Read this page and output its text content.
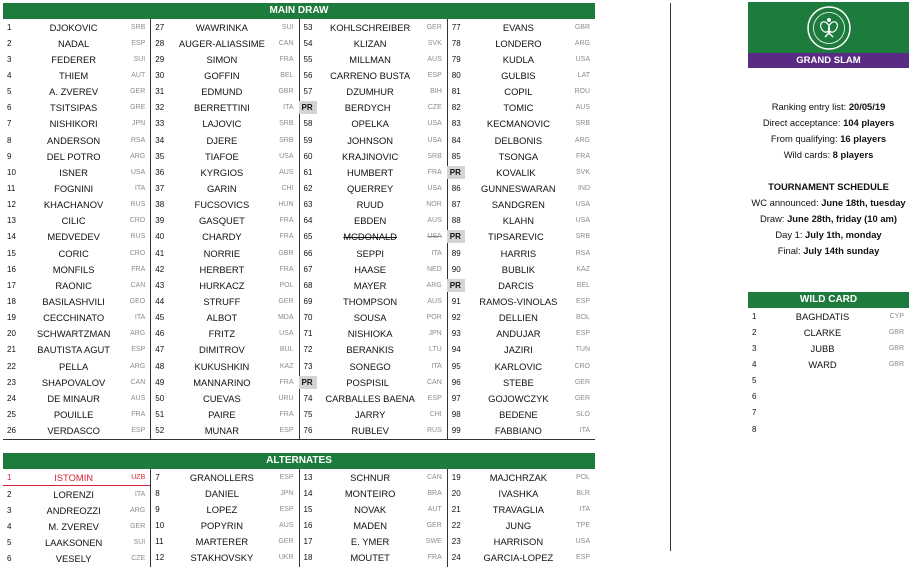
MAIN DRAW
1	DJOKOVIC	SRB
2	NADAL	ESP
3	FEDERER	SUI
4	THIEM	AUT
5	A. ZVEREV	GER
6	TSITSIPAS	GRE
7	NISHIKORI	JPN
8	ANDERSON	RSA
9	DEL POTRO	ARG
10	ISNER	USA
11	FOGNINI	ITA
12	KHACHANOV	RUS
13	CILIC	CRO
14	MEDVEDEV	RUS
15	CORIC	CRO
16	MONFILS	FRA
17	RAONIC	CAN
18	BASILASHVILI	GEO
19	CECCHINATO	ITA
20	SCHWARTZMAN	ARG
21	BAUTISTA AGUT	ESP
22	PELLA	ARG
23	SHAPOVALOV	CAN
24	DE MINAUR	AUS
25	POUILLE	FRA
26	VERDASCO	ESP
27	WAWRINKA	SUI
28	AUGER-ALIASSIME	CAN
29	SIMON	FRA
30	GOFFIN	BEL
31	EDMUND	GBR
32	BERRETTINI	ITA
33	LAJOVIC	SRB
34	DJERE	SRB
35	TIAFOE	USA
36	KYRGIOS	AUS
37	GARIN	CHI
38	FUCSOVICS	HUN
39	GASQUET	FRA
40	CHARDY	FRA
41	NORRIE	GBR
42	HERBERT	FRA
43	HURKACZ	POL
44	STRUFF	GER
45	ALBOT	MDA
46	FRITZ	USA
47	DIMITROV	BUL
48	KUKUSHKIN	KAZ
49	MANNARINO	FRA
50	CUEVAS	URU
51	PAIRE	FRA
52	MUNAR	ESP
53	KOHLSCHREIBER	GER
54	KLIZAN	SVK
55	MILLMAN	AUS
56	CARRENO BUSTA	ESP
57	DZUMHUR	BIH
PR	BERDYCH	CZE
58	OPELKA	USA
59	JOHNSON	USA
60	KRAJINOVIC	SRB
61	HUMBERT	FRA
62	QUERREY	USA
63	RUUD	NOR
64	EBDEN	AUS
65	MCDONALD	USA
66	SEPPI	ITA
67	HAASE	NED
68	MAYER	ARG
69	THOMPSON	AUS
70	SOUSA	POR
71	NISHIOKA	JPN
72	BERANKIS	LTU
73	SONEGO	ITA
PR	POSPISIL	CAN
74	CARBALLES BAENA	ESP
75	JARRY	CHI
76	RUBLEV	RUS
77	EVANS	GBR
78	LONDERO	ARG
79	KUDLA	USA
80	GULBIS	LAT
81	COPIL	ROU
82	TOMIC	AUS
83	KECMANOVIC	SRB
84	DELBONIS	ARG
85	TSONGA	FRA
PR	KOVALIK	SVK
86	GUNNESWARAN	IND
87	SANDGREN	USA
88	KLAHN	USA
PR	TIPSAREVIC	SRB
89	HARRIS	RSA
90	BUBLIK	KAZ
PR	DARCIS	BEL
91	RAMOS-VINOLAS	ESP
92	DELLIEN	BOL
93	ANDUJAR	ESP
94	JAZIRI	TUN
95	KARLOVIC	CRO
96	STEBE	GER
97	GOJOWCZYK	GER
98	BEDENE	SLO
99	FABBIANO	ITA
ALTERNATES
1	ISTOMIN	UZB
2	LORENZI	ITA
3	ANDREOZZI	ARG
4	M. ZVEREV	GER
5	LAAKSONEN	SUI
6	VESELY	CZE
7	GRANOLLERS	ESP
8	DANIEL	JPN
9	LOPEZ	ESP
10	POPYRIN	AUS
11	MARTERER	GER
12	STAKHOVSKY	UKR
13	SCHNUR	CAN
14	MONTEIRO	BRA
15	NOVAK	AUT
16	MADEN	GER
17	E. YMER	SWE
18	MOUTET	FRA
19	MAJCHRZAK	POL
20	IVASHKA	BLR
21	TRAVAGLIA	ITA
22	JUNG	TPE
23	HARRISON	USA
24	GARCIA-LOPEZ	ESP
GRAND SLAM
Ranking entry list: 20/05/19
Direct acceptance: 104 players
From qualifying: 16 players
Wild cards: 8 players
TOURNAMENT SCHEDULE
WC announced: June 18th, tuesday
Draw: June 28th, friday (10 am)
Day 1: July 1th, monday
Final: July 14th sunday
WILD CARD
1	BAGHDATIS	CYP
2	CLARKE	GBR
3	JUBB	GBR
4	WARD	GBR
5
6
7
8
